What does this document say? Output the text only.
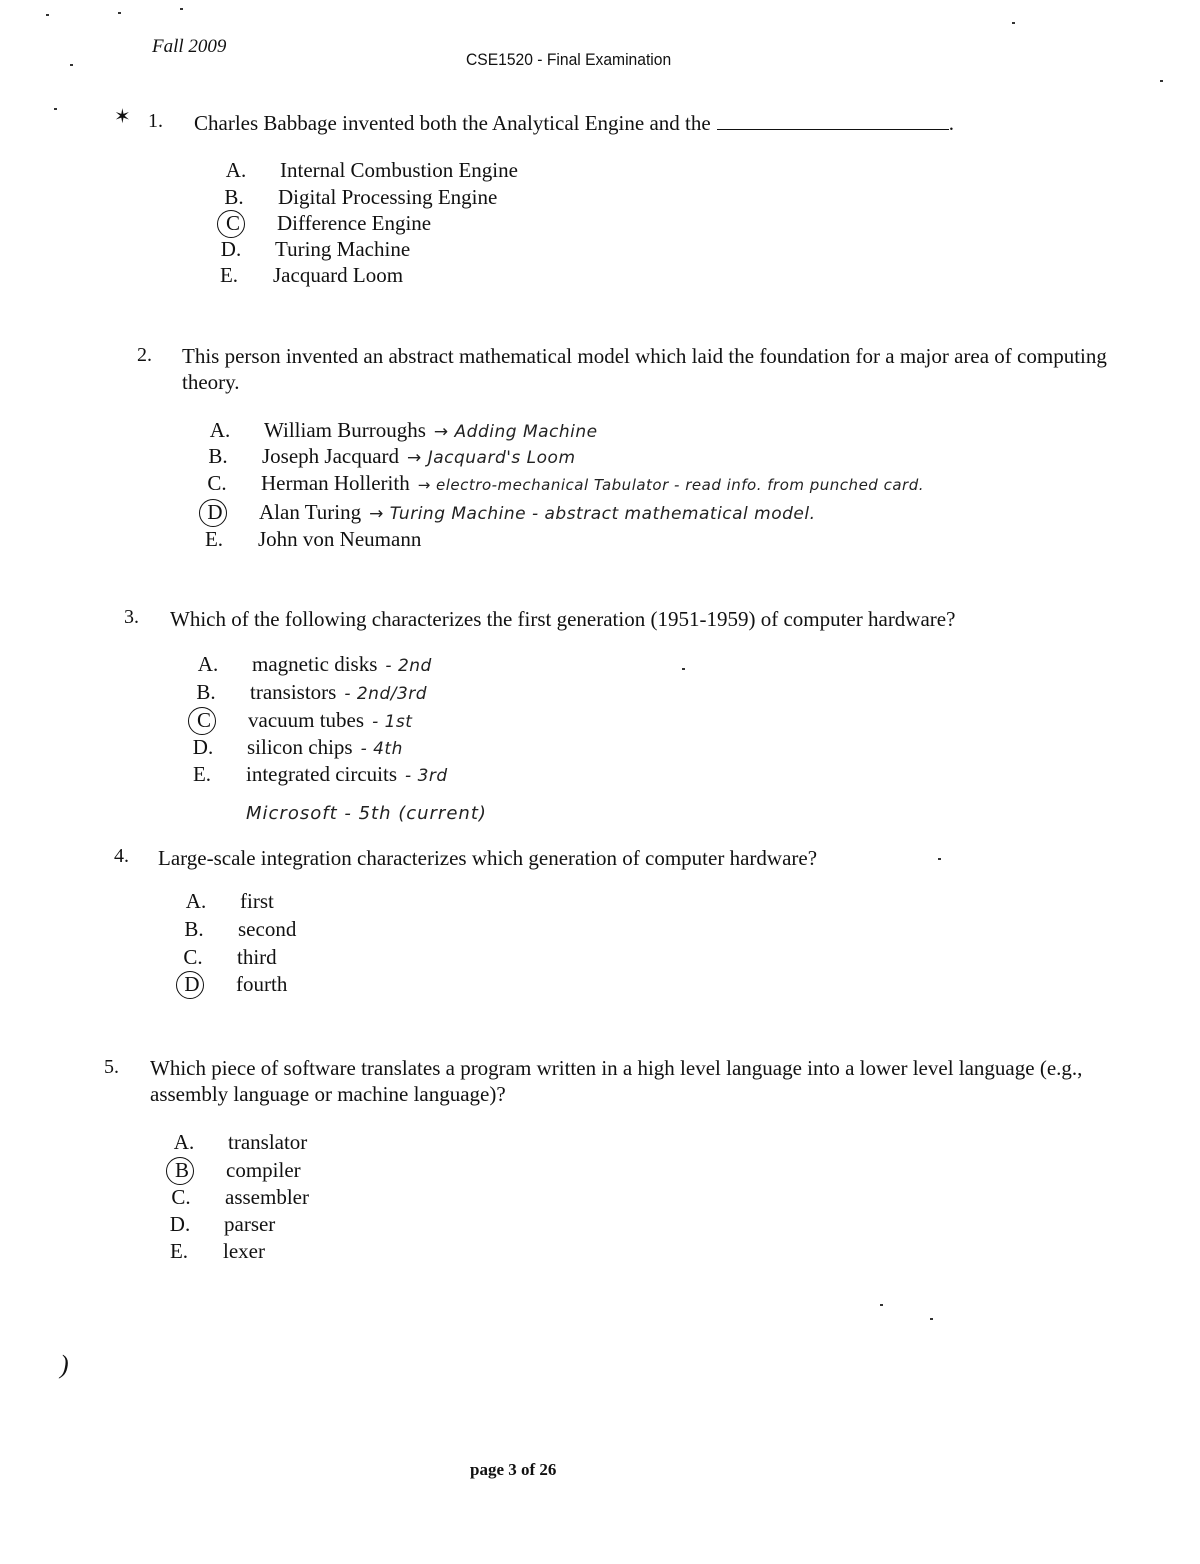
Fall 2009
CSE1520 - Final Examination
✶ 1. Charles Babbage invented both the Analytical Engine and the	.
A. Internal Combustion Engine
B. Digital Processing Engine
C	Difference Engine
D. Turing Machine
E. Jacquard Loom
2. This person invented an abstract mathematical model which laid the foundation for a major area of computing theory.
A. William Burroughs → Adding Machine
B. Joseph Jacquard → Jacquard's Loom
C. Herman Hollerith → electro-mechanical Tabulator - read info. from punched card.
D	Alan Turing → Turing Machine - abstract mathematical model.
E. John von Neumann
3. Which of the following characterizes the first generation (1951-1959) of computer hardware?
A. magnetic disks - 2nd
B. transistors - 2nd/3rd
C	vacuum tubes - 1st
D. silicon chips - 4th
E. integrated circuits - 3rd
Microsoft - 5th (current)
4. Large-scale integration characterizes which generation of computer hardware?
A. first
B. second
C. third
D	fourth
5. Which piece of software translates a program written in a high level language into a lower level language (e.g., assembly language or machine language)?
A. translator
B	compiler
C. assembler
D. parser
E. lexer
)
page 3 of 26
